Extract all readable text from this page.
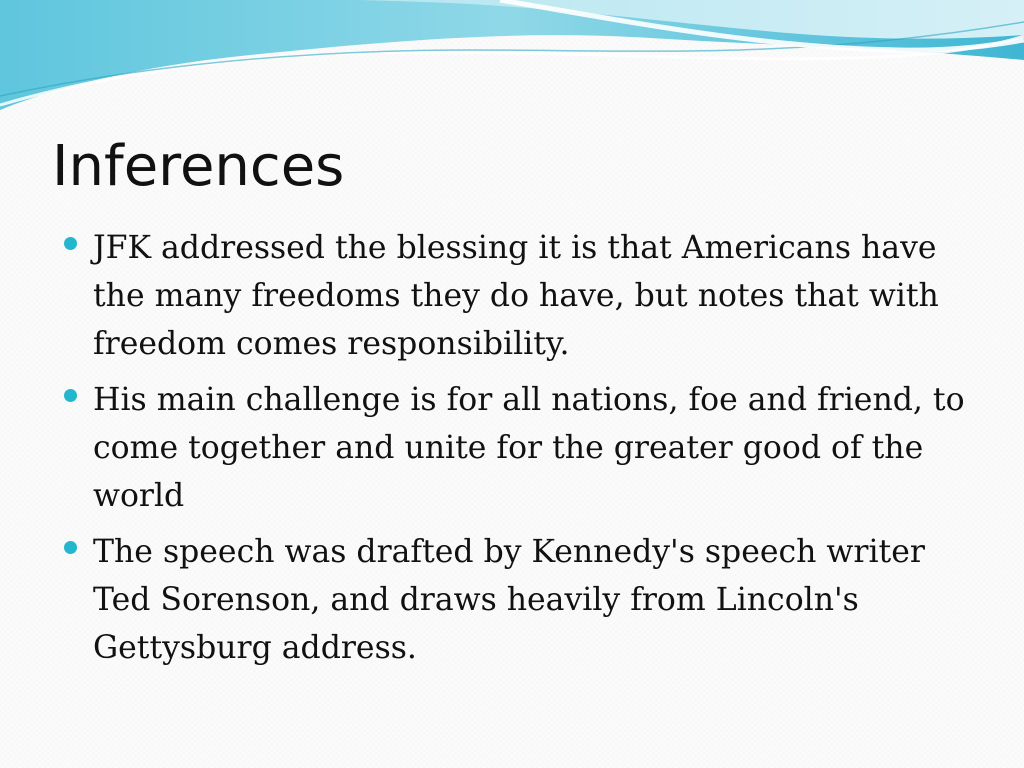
Inferences
JFK addressed the blessing it is that Americans have the many freedoms they do have, but notes that with freedom comes responsibility.
His main challenge is for all nations, foe and friend, to come together and unite for the greater good of the world
The speech was drafted by Kennedy's speech writer Ted Sorenson, and draws heavily from Lincoln's Gettysburg address.
